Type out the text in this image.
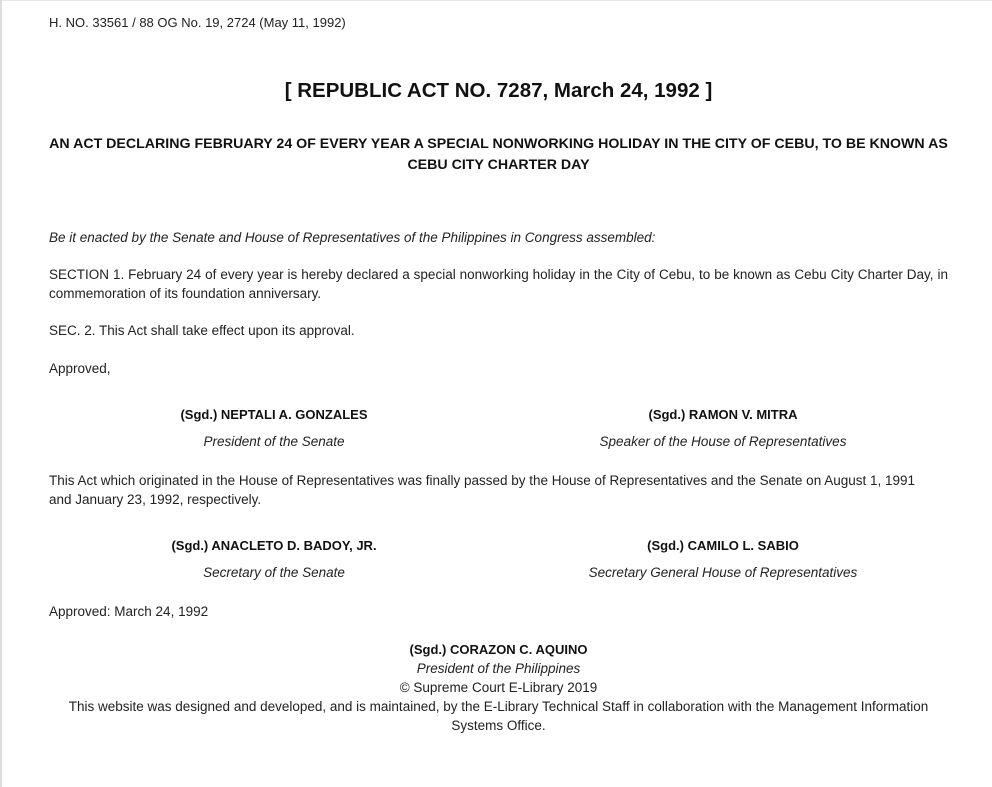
H. NO. 33561 / 88 OG No. 19, 2724 (May 11, 1992)
[ REPUBLIC ACT NO. 7287, March 24, 1992 ]
AN ACT DECLARING FEBRUARY 24 OF EVERY YEAR A SPECIAL NONWORKING HOLIDAY IN THE CITY OF CEBU, TO BE KNOWN AS CEBU CITY CHARTER DAY
Be it enacted by the Senate and House of Representatives of the Philippines in Congress assembled:
SECTION 1. February 24 of every year is hereby declared a special nonworking holiday in the City of Cebu, to be known as Cebu City Charter Day, in commemoration of its foundation anniversary.
SEC. 2. This Act shall take effect upon its approval.
Approved,
(Sgd.) NEPTALI A. GONZALES
President of the Senate
(Sgd.) RAMON V. MITRA
Speaker of the House of Representatives
This Act which originated in the House of Representatives was finally passed by the House of Representatives and the Senate on August 1, 1991 and January 23, 1992, respectively.
(Sgd.) ANACLETO D. BADOY, JR.
Secretary of the Senate
(Sgd.) CAMILO L. SABIO
Secretary General House of Representatives
Approved: March 24, 1992
(Sgd.) CORAZON C. AQUINO
President of the Philippines
© Supreme Court E-Library 2019
This website was designed and developed, and is maintained, by the E-Library Technical Staff in collaboration with the Management Information Systems Office.
